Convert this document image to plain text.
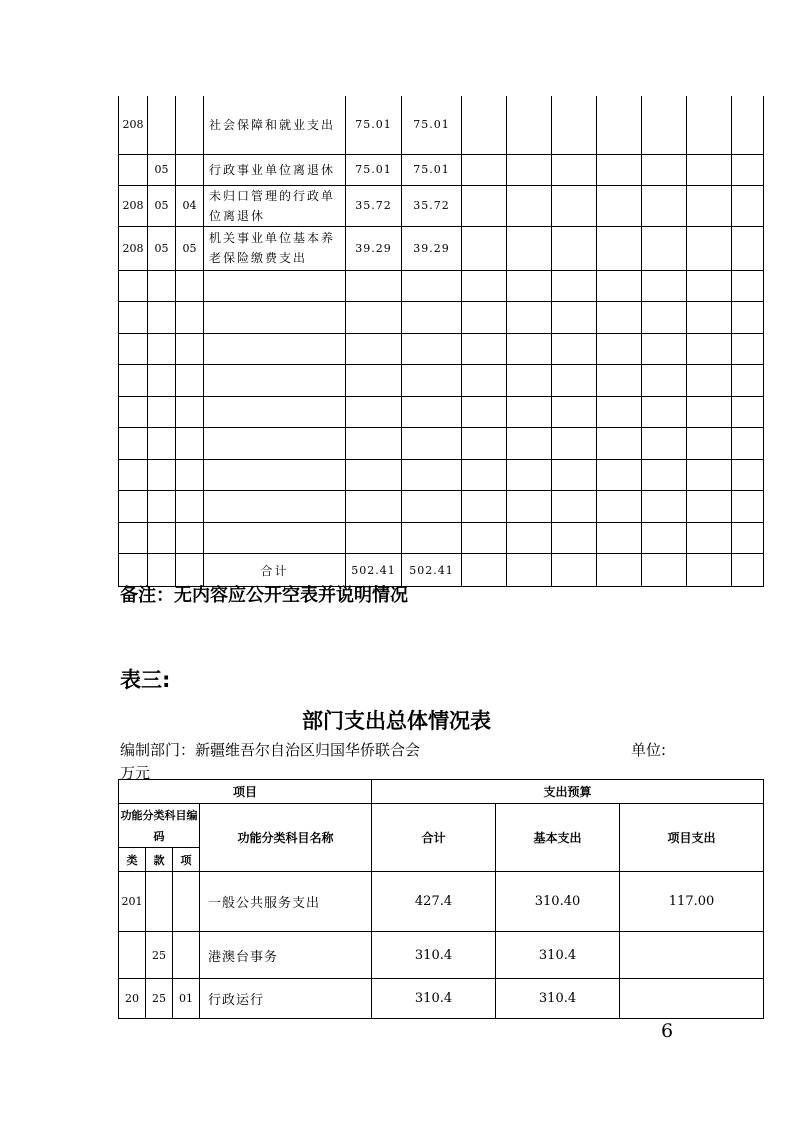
208			社会保障和就业支出	75.01	75.01							
	05		行政事业单位离退休	75.01	75.01							
208	05	04	未归口管理的行政单位离退休	35.72	35.72							
208	05	05	机关事业单位基本养老保险缴费支出	39.29	39.29							

			合计	502.41	502.41							
备注：无内容应公开空表并说明情况
表三:
部门支出总体情况表
编制部门：新疆维吾尔自治区归国华侨联合会	单位:
万元
项目				支出预算		
功能分类科目编码			功能分类科目名称	合计	基本支出	项目支出
类	款	项				
201			一般公共服务支出	427.4	310.40	117.00
	25		港澳台事务	310.4	310.4	
20	25	01	行政运行	310.4	310.4	
6
